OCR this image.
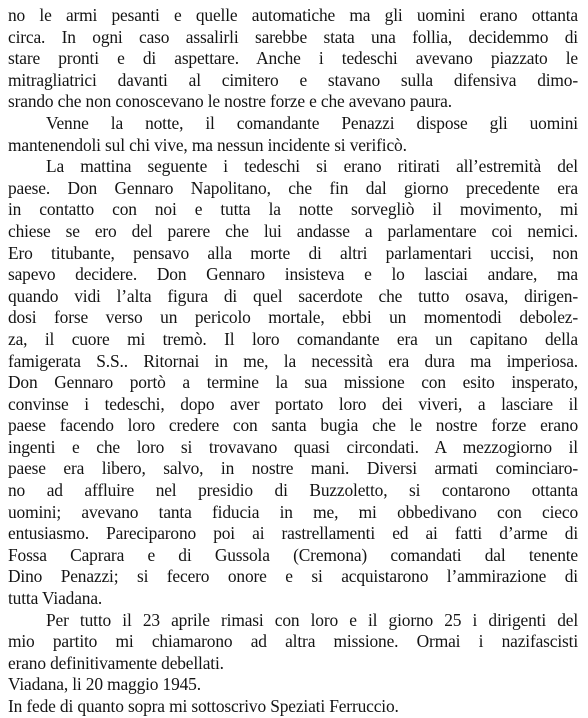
no le armi pesanti e quelle automatiche ma gli uomini erano ottanta
circa. In ogni caso assalirli sarebbe stata una follia, decidemmo di
stare pronti e di aspettare. Anche i tedeschi avevano piazzato le
mitragliatrici davanti al cimitero e stavano sulla difensiva dimo-
srando che non conoscevano le nostre forze e che avevano paura.
Venne la notte, il comandante Penazzi dispose gli uomini
mantenendoli sul chi vive, ma nessun incidente si verificò.
La mattina seguente i tedeschi si erano ritirati all’estremità del
paese. Don Gennaro Napolitano, che fin dal giorno precedente era
in contatto con noi e tutta la notte sorvegliò il movimento, mi
chiese se ero del parere che lui andasse a parlamentare coi nemici.
Ero titubante, pensavo alla morte di altri parlamentari uccisi, non
sapevo decidere. Don Gennaro insisteva e lo lasciai andare, ma
quando vidi l’alta figura di quel sacerdote che tutto osava, dirigen-
dosi forse verso un pericolo mortale, ebbi un momentodi debolez-
za, il cuore mi tremò. Il loro comandante era un capitano della
famigerata S.S.. Ritornai in me, la necessità era dura ma imperiosa.
Don Gennaro portò a termine la sua missione con esito insperato,
convinse i tedeschi, dopo aver portato loro dei viveri, a lasciare il
paese facendo loro credere con santa bugia che le nostre forze erano
ingenti e che loro si trovavano quasi circondati. A mezzogiorno il
paese era libero, salvo, in nostre mani. Diversi armati cominciaro-
no ad affluire nel presidio di Buzzoletto, si contarono ottanta
uomini; avevano tanta fiducia in me, mi obbedivano con cieco
entusiasmo. Pareciparono poi ai rastrellamenti ed ai fatti d’arme di
Fossa Caprara e di Gussola (Cremona) comandati dal tenente
Dino Penazzi; si fecero onore e si acquistarono l’ammirazione di
tutta Viadana.
Per tutto il 23 aprile rimasi con loro e il giorno 25 i dirigenti del
mio partito mi chiamarono ad altra missione. Ormai i nazifascisti
erano definitivamente debellati.
Viadana, li 20 maggio 1945.
In fede di quanto sopra mi sottoscrivo Speziati Ferruccio.
